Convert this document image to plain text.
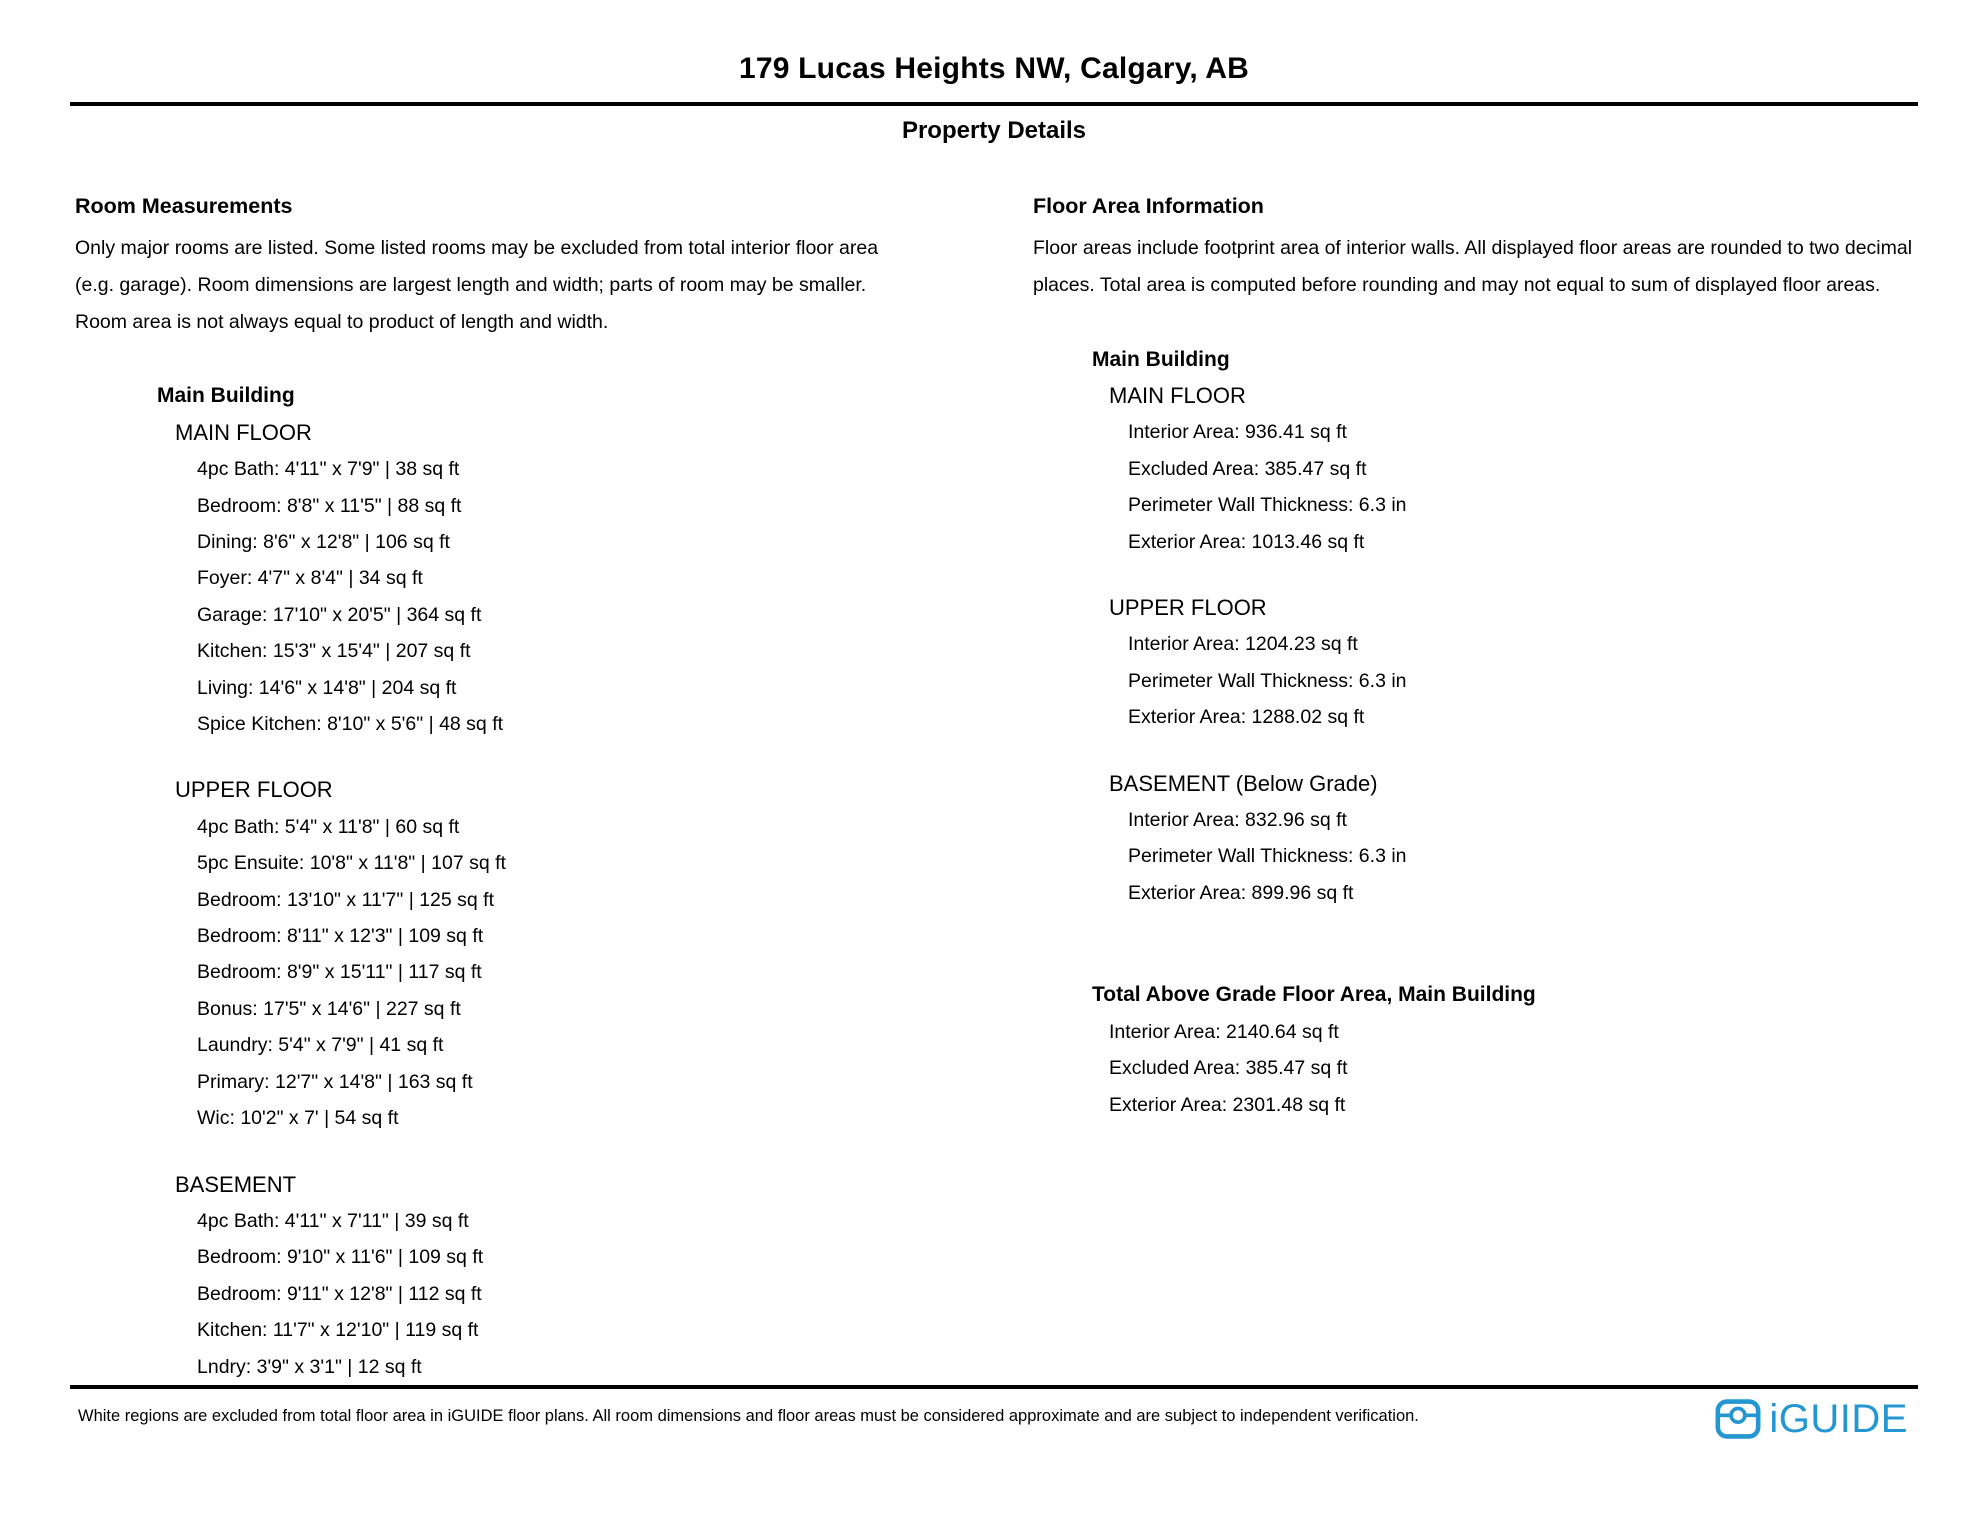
179 Lucas Heights NW, Calgary, AB
Property Details
Room Measurements
Only major rooms are listed. Some listed rooms may be excluded from total interior floor area (e.g. garage). Room dimensions are largest length and width; parts of room may be smaller. Room area is not always equal to product of length and width.
Main Building
MAIN FLOOR
4pc Bath: 4'11" x 7'9" | 38 sq ft
Bedroom: 8'8" x 11'5" | 88 sq ft
Dining: 8'6" x 12'8" | 106 sq ft
Foyer: 4'7" x 8'4" | 34 sq ft
Garage: 17'10" x 20'5" | 364 sq ft
Kitchen: 15'3" x 15'4" | 207 sq ft
Living: 14'6" x 14'8" | 204 sq ft
Spice Kitchen: 8'10" x 5'6" | 48 sq ft
UPPER FLOOR
4pc Bath: 5'4" x 11'8" | 60 sq ft
5pc Ensuite: 10'8" x 11'8" | 107 sq ft
Bedroom: 13'10" x 11'7" | 125 sq ft
Bedroom: 8'11" x 12'3" | 109 sq ft
Bedroom: 8'9" x 15'11" | 117 sq ft
Bonus: 17'5" x 14'6" | 227 sq ft
Laundry: 5'4" x 7'9" | 41 sq ft
Primary: 12'7" x 14'8" | 163 sq ft
Wic: 10'2" x 7' | 54 sq ft
BASEMENT
4pc Bath: 4'11" x 7'11" | 39 sq ft
Bedroom: 9'10" x 11'6" | 109 sq ft
Bedroom: 9'11" x 12'8" | 112 sq ft
Kitchen: 11'7" x 12'10" | 119 sq ft
Lndry: 3'9" x 3'1" | 12 sq ft
Floor Area Information
Floor areas include footprint area of interior walls. All displayed floor areas are rounded to two decimal places. Total area is computed before rounding and may not equal to sum of displayed floor areas.
Main Building
MAIN FLOOR
Interior Area: 936.41 sq ft
Excluded Area: 385.47 sq ft
Perimeter Wall Thickness: 6.3 in
Exterior Area: 1013.46 sq ft
UPPER FLOOR
Interior Area: 1204.23 sq ft
Perimeter Wall Thickness: 6.3 in
Exterior Area: 1288.02 sq ft
BASEMENT (Below Grade)
Interior Area: 832.96 sq ft
Perimeter Wall Thickness: 6.3 in
Exterior Area: 899.96 sq ft
Total Above Grade Floor Area, Main Building
Interior Area: 2140.64 sq ft
Excluded Area: 385.47 sq ft
Exterior Area: 2301.48 sq ft
White regions are excluded from total floor area in iGUIDE floor plans. All room dimensions and floor areas must be considered approximate and are subject to independent verification.	iGUIDE
